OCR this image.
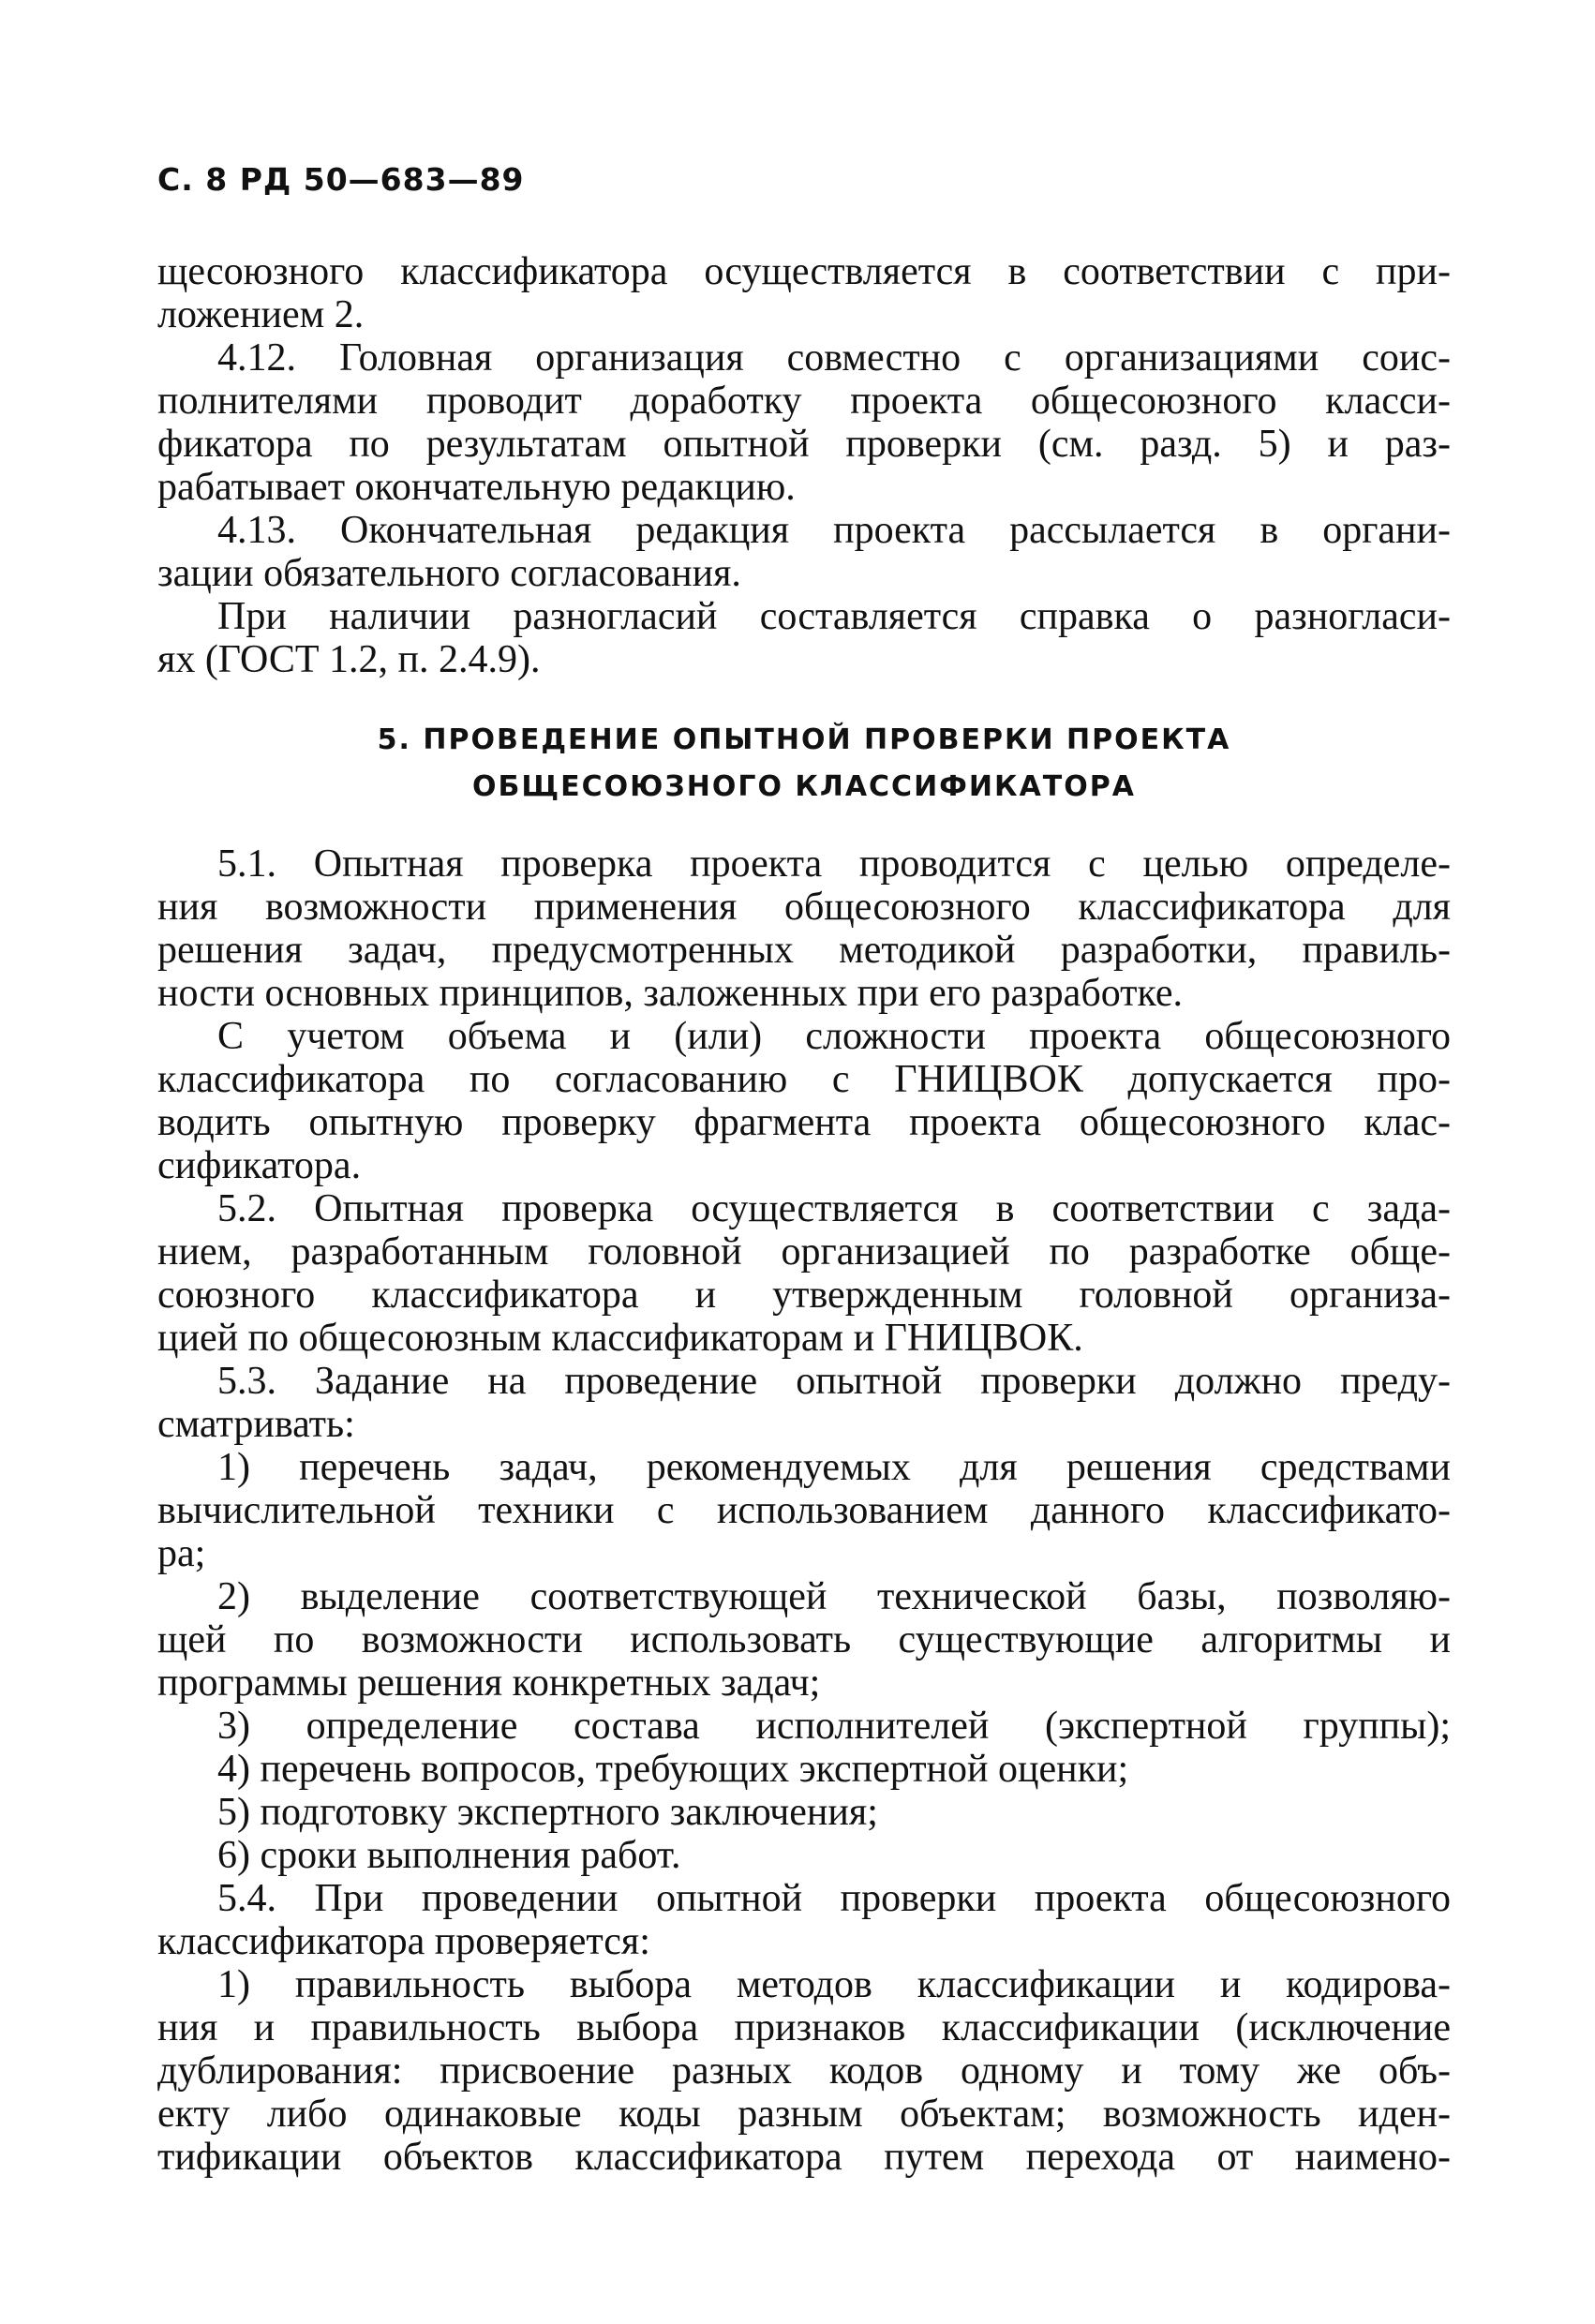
С. 8 РД 50—683—89
щесоюзного классификатора осуществляется в соответствии с при-
ложением 2.
4.12. Головная организация совместно с организациями соис-
полнителями проводит доработку проекта общесоюзного класси-
фикатора по результатам опытной проверки (см. разд. 5) и раз-
рабатывает окончательную редакцию.
4.13. Окончательная редакция проекта рассылается в органи-
зации обязательного согласования.
При наличии разногласий составляется справка о разногласи-
ях (ГОСТ 1.2, п. 2.4.9).
5. ПРОВЕДЕНИЕ ОПЫТНОЙ ПРОВЕРКИ ПРОЕКТА
ОБЩЕСОЮЗНОГО КЛАССИФИКАТОРА
5.1. Опытная проверка проекта проводится с целью определе-
ния возможности применения общесоюзного классификатора для
решения задач, предусмотренных методикой разработки, правиль-
ности основных принципов, заложенных при его разработке.
С учетом объема и (или) сложности проекта общесоюзного
классификатора по согласованию с ГНИЦВОК допускается про-
водить опытную проверку фрагмента проекта общесоюзного клас-
сификатора.
5.2. Опытная проверка осуществляется в соответствии с зада-
нием, разработанным головной организацией по разработке обще-
союзного классификатора и утвержденным головной организа-
цией по общесоюзным классификаторам и ГНИЦВОК.
5.3. Задание на проведение опытной проверки должно преду-
сматривать:
1) перечень задач, рекомендуемых для решения средствами
вычислительной техники с использованием данного классификато-
ра;
2) выделение соответствующей технической базы, позволяю-
щей по возможности использовать существующие алгоритмы и
программы решения конкретных задач;
3) определение состава исполнителей (экспертной группы);
4) перечень вопросов, требующих экспертной оценки;
5) подготовку экспертного заключения;
6) сроки выполнения работ.
5.4. При проведении опытной проверки проекта общесоюзного
классификатора проверяется:
1) правильность выбора методов классификации и кодирова-
ния и правильность выбора признаков классификации (исключение
дублирования: присвоение разных кодов одному и тому же объ-
екту либо одинаковые коды разным объектам; возможность иден-
тификации объектов классификатора путем перехода от наимено-
